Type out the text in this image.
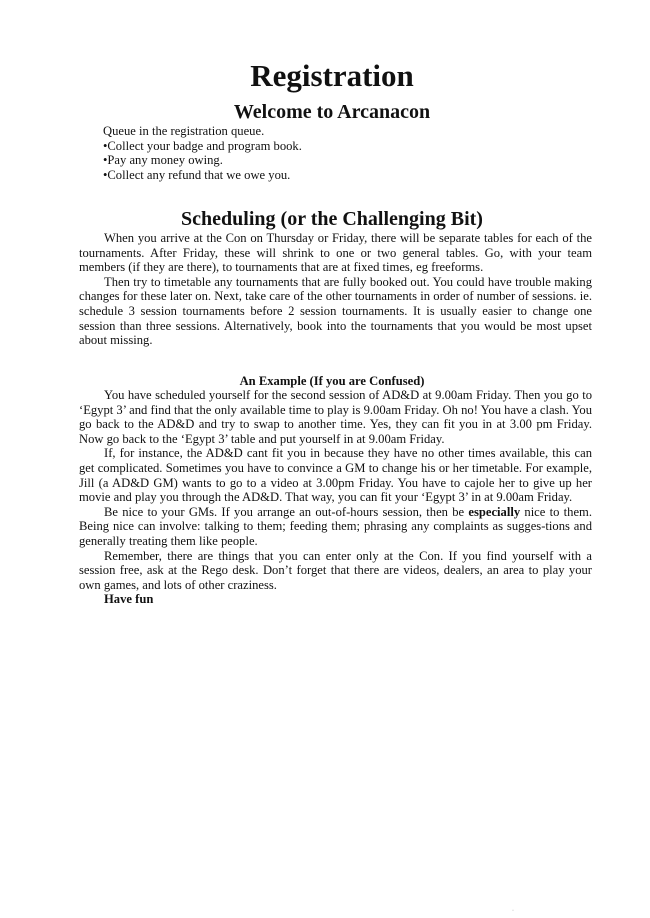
Registration
Welcome to Arcanacon
Queue in the registration queue.
•Collect your badge and program book.
•Pay any money owing.
•Collect any refund that we owe you.
Scheduling (or the Challenging Bit)

When you arrive at the Con on Thursday or Friday, there will be separate tables for each of the tournaments. After Friday, these will shrink to one or two general tables. Go, with your team members (if they are there), to tournaments that are at fixed times, eg freeforms.

Then try to timetable any tournaments that are fully booked out. You could have trouble making changes for these later on. Next, take care of the other tournaments in order of number of sessions. ie. schedule 3 session tournaments before 2 session tournaments. It is usually easier to change one session than three sessions. Alternatively, book into the tournaments that you would be most upset about missing.

An Example (If you are Confused)

You have scheduled yourself for the second session of AD&D at 9.00am Friday. Then you go to ‘Egypt 3’ and find that the only available time to play is 9.00am Friday. Oh no! You have a clash. You go back to the AD&D and try to swap to another time. Yes, they can fit you in at 3.00 pm Friday. Now go back to the ‘Egypt 3’ table and put yourself in at 9.00am Friday.

If, for instance, the AD&D cant fit you in because they have no other times available, this can get complicated. Sometimes you have to convince a GM to change his or her timetable. For example, Jill (a AD&D GM) wants to go to a video at 3.00pm Friday. You have to cajole her to give up her movie and play you through the AD&D. That way, you can fit your ‘Egypt 3’ in at 9.00am Friday.

Be nice to your GMs. If you arrange an out-of-hours session, then be especially nice to them. Being nice can involve: talking to them; feeding them; phrasing any complaints as sugges-tions and generally treating them like people.

Remember, there are things that you can enter only at the Con. If you find yourself with a session free, ask at the Rego desk. Don’t forget that there are videos, dealers, an area to play your own games, and lots of other craziness.

Have fun

·
